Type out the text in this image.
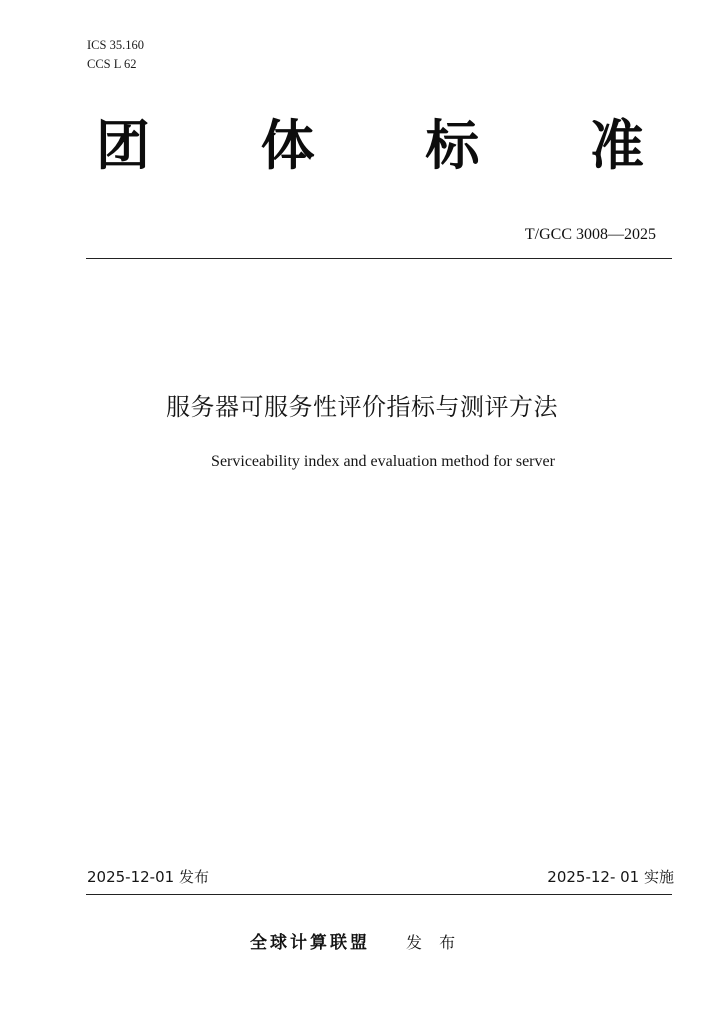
ICS 35.160
CCS L 62
团 体 标 准
T/GCC 3008—2025
服务器可服务性评价指标与测评方法
Serviceability index and evaluation method for server
2025-12-01 发布	2025-12- 01 实施
全球计算联盟 发 布
